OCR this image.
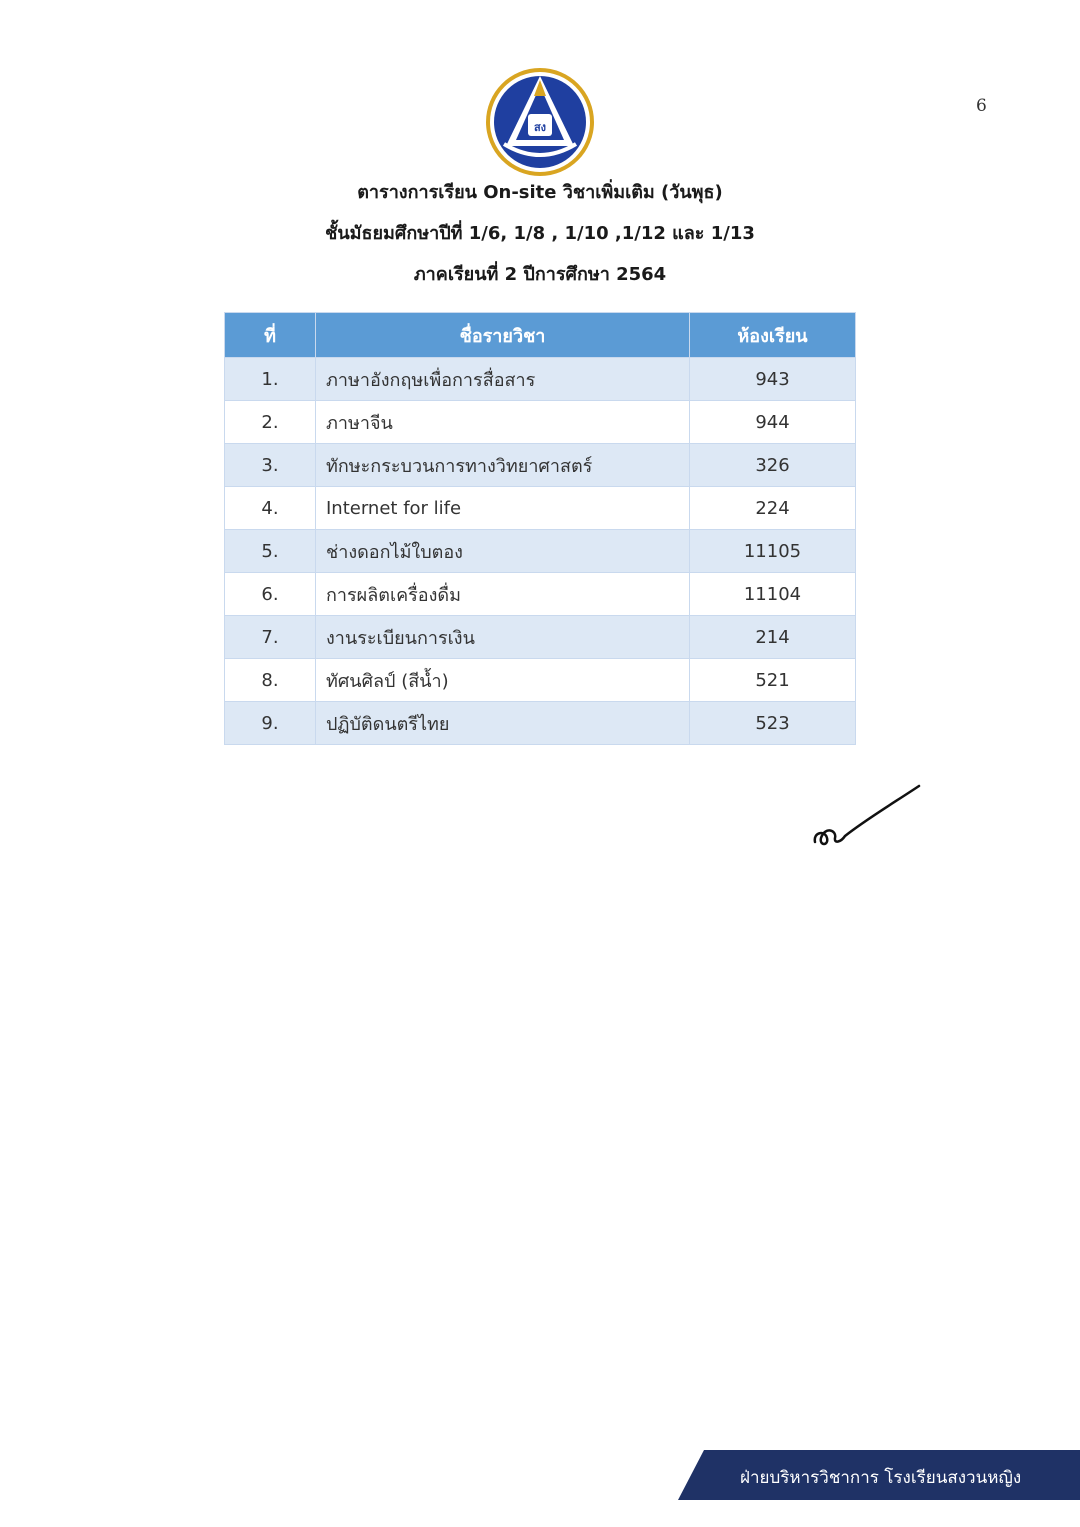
6
สง
ตารางการเรียน On-site วิชาเพิ่มเติม (วันพุธ)
ชั้นมัธยมศึกษาปีที่ 1/6, 1/8 , 1/10 ,1/12 และ 1/13
ภาคเรียนที่ 2 ปีการศึกษา 2564
ที่	ชื่อรายวิชา	ห้องเรียน
1.	ภาษาอังกฤษเพื่อการสื่อสาร	943
2.	ภาษาจีน	944
3.	ทักษะกระบวนการทางวิทยาศาสตร์	326
4.	Internet for life	224
5.	ช่างดอกไม้ใบตอง	11105
6.	การผลิตเครื่องดื่ม	11104
7.	งานระเบียนการเงิน	214
8.	ทัศนศิลป์ (สีน้ำ)	521
9.	ปฏิบัติดนตรีไทย	523
ฝ่ายบริหารวิชาการ โรงเรียนสงวนหญิง
